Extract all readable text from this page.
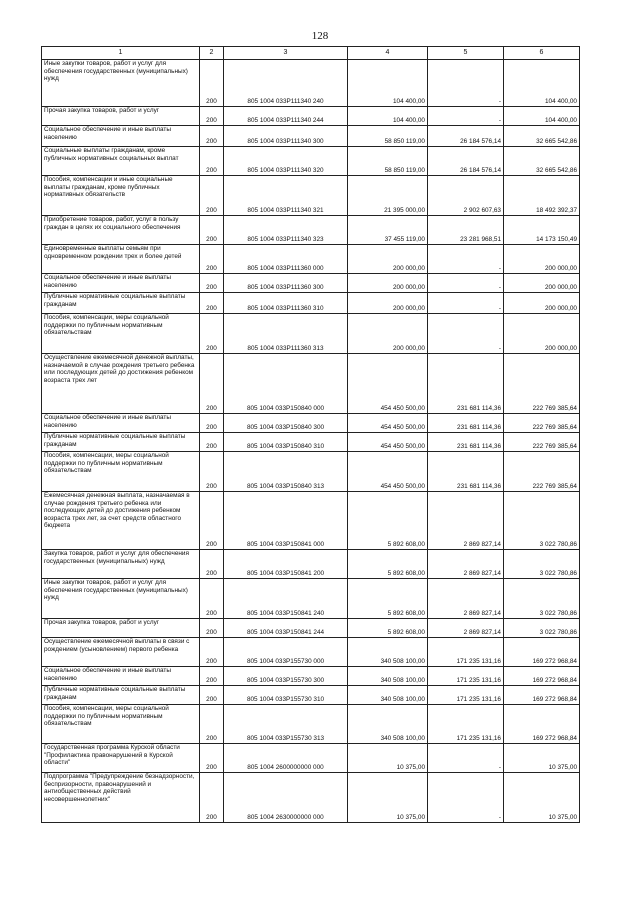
128
1	2	3	4	5	6
Иные закупки товаров, работ и услуг для обеспечения государственных (муниципальных) нужд	200	805 1004 033Р111340 240	104 400,00	-	104 400,00
Прочая закупка товаров, работ и услуг	200	805 1004 033Р111340 244	104 400,00	-	104 400,00
Социальное обеспечение и иные выплаты населению	200	805 1004 033Р111340 300	58 850 119,00	26 184 576,14	32 665 542,86
Социальные выплаты гражданам, кроме публичных нормативных социальных выплат	200	805 1004 033Р111340 320	58 850 119,00	26 184 576,14	32 665 542,86
Пособия, компенсации и иные социальные выплаты гражданам, кроме публичных нормативных обязательств	200	805 1004 033Р111340 321	21 395 000,00	2 902 607,63	18 492 392,37
Приобретение товаров, работ, услуг в пользу граждан в целях их социального обеспечения	200	805 1004 033Р111340 323	37 455 119,00	23 281 968,51	14 173 150,49
Единовременные выплаты семьям при одновременном рождении трех и более детей	200	805 1004 033Р111360 000	200 000,00	-	200 000,00
Социальное обеспечение и иные выплаты населению	200	805 1004 033Р111360 300	200 000,00	-	200 000,00
Публичные нормативные социальные выплаты гражданам	200	805 1004 033Р111360 310	200 000,00	-	200 000,00
Пособия, компенсации, меры социальной поддержки по публичным нормативным обязательствам	200	805 1004 033Р111360 313	200 000,00	-	200 000,00
Осуществление ежемесячной денежной выплаты, назначаемой в случае рождения третьего ребенка или последующих детей до достижения ребенком возраста трех лет	200	805 1004 033Р150840 000	454 450 500,00	231 681 114,36	222 769 385,64
Социальное обеспечение и иные выплаты населению	200	805 1004 033Р150840 300	454 450 500,00	231 681 114,36	222 769 385,64
Публичные нормативные социальные выплаты гражданам	200	805 1004 033Р150840 310	454 450 500,00	231 681 114,36	222 769 385,64
Пособия, компенсации, меры социальной поддержки по публичным нормативным обязательствам	200	805 1004 033Р150840 313	454 450 500,00	231 681 114,36	222 769 385,64
Ежемесячная денежная выплата, назначаемая в случае рождения третьего ребенка или последующих детей до достижения ребенком возраста трех лет, за счет средств областного бюджета	200	805 1004 033Р150841 000	5 892 608,00	2 869 827,14	3 022 780,86
Закупка товаров, работ и услуг для обеспечения государственных (муниципальных) нужд	200	805 1004 033Р150841 200	5 892 608,00	2 869 827,14	3 022 780,86
Иные закупки товаров, работ и услуг для обеспечения государственных (муниципальных) нужд	200	805 1004 033Р150841 240	5 892 608,00	2 869 827,14	3 022 780,86
Прочая закупка товаров, работ и услуг	200	805 1004 033Р150841 244	5 892 608,00	2 869 827,14	3 022 780,86
Осуществление ежемесячной выплаты в связи с рождением (усыновлением) первого ребенка	200	805 1004 033Р155730 000	340 508 100,00	171 235 131,16	169 272 968,84
Социальное обеспечение и иные выплаты населению	200	805 1004 033Р155730 300	340 508 100,00	171 235 131,16	169 272 968,84
Публичные нормативные социальные выплаты гражданам	200	805 1004 033Р155730 310	340 508 100,00	171 235 131,16	169 272 968,84
Пособия, компенсации, меры социальной поддержки по публичным нормативным обязательствам	200	805 1004 033Р155730 313	340 508 100,00	171 235 131,16	169 272 968,84
Государственная программа Курской области "Профилактика правонарушений в Курской области"	200	805 1004 2600000000 000	10 375,00	-	10 375,00
Подпрограмма "Предупреждение безнадзорности, беспризорности, правонарушений и антиобщественных действий несовершеннолетних"	200	805 1004 2630000000 000	10 375,00	-	10 375,00
